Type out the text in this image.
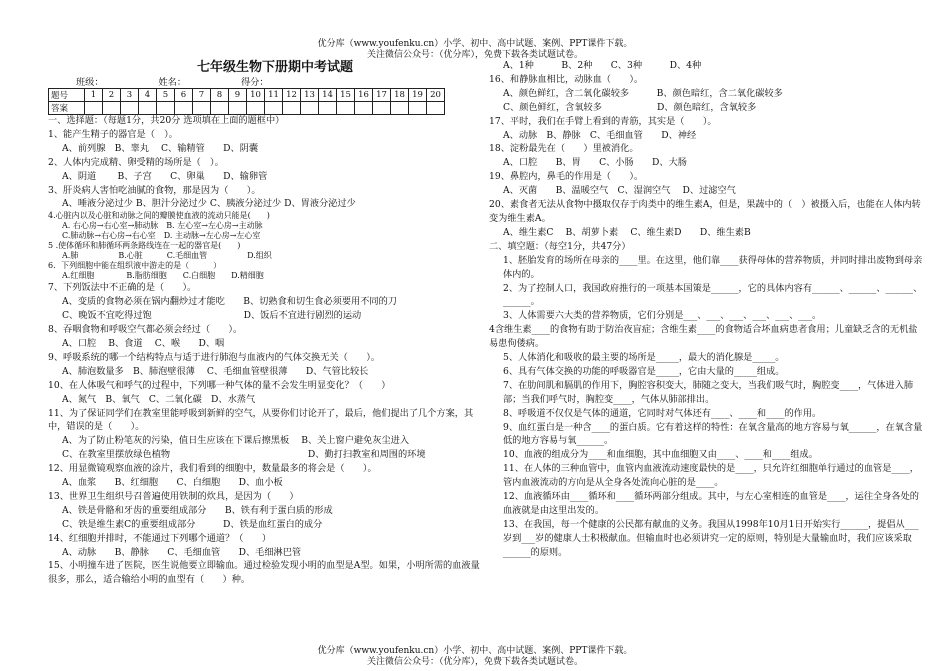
优分库（www.youfenku.cn）小学、初中、高中试题、案例、PPT课件下载。
关注微信公众号：（优分库），免费下载各类试题试卷。
七年级生物下册期中考试题
班级：	姓名：	得分：
题号	1	2	3	4	5	6	7	8	9	10	11	12	13	14	15	16	17	18	19	20
答案																				
一、选择题：（每题1分，共20分 选项填在上面的题框中）
1、能产生精子的器官是（　）。
A、前列腺　B、睾丸　 C、输精管　　D、阴囊
2、人体内完成精、卵受精的场所是（　）。
A、阴道　　 B、子宫　　C、卵巢　　D、输卵管
3、肝炎病人害怕吃油腻的食物，那是因为（　　）。
A、唾液分泌过少 B、胆汁分泌过少 C、胰液分泌过少 D、胃液分泌过少
4.心脏内以及心脏和动脉之间的瓣膜使血液的流动只能是(　　)
A. 右心房→右心室→肺动脉　B. 左心室→左心房→主动脉
C.肺动脉→右心房→右心室　D. 主动脉→左心房→左心室
5 .使体循环和肺循环两条路线连在一起的器官是(　　)
A.肺　　　　　B.心脏　　　C.毛细血管　　　　　D.组织
6．下列细胞中能在组织液中游走的是（　　　）
A.红细胞　　　　B.脂肪细胞　　C.白细胞　　D.精细胞
7、下列饭法中不正确的是（　　）。
A、变质的食物必须在锅内翻炒过才能吃　　B、切熟食和切生食必须要用不同的刀
C、晚饭不宜吃得过饱　　　　　　　　　　D、饭后不宜进行剧烈的运动
8、吞咽食物和呼吸空气都必须会经过（　　）。
A、口腔　 B、食道　 C、喉　　D、咽
9、呼吸系统的哪一个结构特点与适于进行肺泡与血液内的气体交换无关（　　）。
A、肺泡数量多　B、肺泡壁很薄　 C、毛细血管壁很薄　　D、气管比较长
10、在人体吸气和呼气的过程中，下列哪一种气体的量不会发生明显变化？（　　）
A、氮气　B、氧气　C、二氧化碳　D、水蒸气
11、为了保证同学们在教室里能呼吸到新鲜的空气，从要你们讨论开了，最后，他们提出了几个方案，其中，错误的是（　　）。
A、为了防止粉笔灰的污染，值日生应该在下课后擦黑板　 B、关上窗户避免灰尘进入
C、在教室里摆放绿色植物　　　　　　　　　　　　　　　D、勤打扫教室和周围的环境
12、用显微镜观察血液的涂片，我们看到的细胞中，数量最多的将会是（　　）。
A、血浆　　B、红细胞　　C、白细胞　　D、血小板
13、世界卫生组织号召普遍使用铁制的炊具，是因为（　　）
A、铁是骨骼和牙齿的重要组成部分　　B、铁有利于蛋白质的形成
C、铁是维生素C的重要组成部分　　　D、铁是血红蛋白的成分
14、红细胞并排时，不能通过下列哪个通道？（　　）
A、动脉　　B、静脉　　C、毛细血管　　D、毛细淋巴管
15、小明撞车进了医院，医生说他要立即输血。通过检验发现小明的血型是A型。如果，小明所需的血液量很多，那么，适合输给小明的血型有（　　）种。
A、1种　　　B、2种　　C、3种　　　D、4种
16、和静脉血相比，动脉血（　　）。
A、颜色鲜红，含二氧化碳较多　　　B、颜色暗红，含二氧化碳较多
C、颜色鲜红，含氧较多　　　　　　D、颜色暗红，含氧较多
17、平时，我们在手臂上看到的青筋，其实是（　　）。
A、动脉　B、静脉　C、毛细血管　　D、神经
18、淀粉最先在（　　）里被消化。
A、口腔　　B、胃　　C、小肠　　D、大肠
19、鼻腔内，鼻毛的作用是（　　）。
A、灭菌　　B、温暖空气　C、湿润空气　 D、过滤空气
20、素食者无法从食物中摄取仅存于肉类中的维生素A，但是，果蔬中的（　）被摄入后，也能在人体内转变为维生素A。
A、维生素C　 B、胡萝卜素　 C、维生素D　　D、维生素B
二、填空题：（每空1分，共47分）
1、胚胎发育的场所在母亲的____里。在这里，他们靠____获得母体的营养物质，并同时排出废物到母亲体内的。
2、为了控制人口，我国政府推行的一项基本国策是______，它的具体内容有______、______、______、______。
3、人体需要六大类的营养物质，它们分别是___、___、___、___、___、___。
4含维生素____的食物有助于防治夜盲症；含维生素____的食物适合坏血病患者食用；儿童缺乏含的无机盐易患佝偻病。
5、人体消化和吸收的最主要的场所是_____，最大的消化腺是_____。
6、具有气体交换的功能的呼吸器官是_____，它由大量的_____组成。
7、在肋间肌和膈肌的作用下，胸腔容积变大，肺随之变大，当我们吸气时，胸腔变____，气体进入肺部；当我们呼气时，胸腔变____，气体从肺部排出。
8、呼吸道不仅仅是气体的通道，它同时对气体还有____、____和____的作用。
9、血红蛋白是一种含____的蛋白质。它有着这样的特性：在氧含量高的地方容易与氧______，在氧含量低的地方容易与氧______。
10、血液的组成分为____和血细胞，其中血细胞又由____、____和____组成。
11、在人体的三种血管中，血管内血液流动速度最快的是____，只允许红细胞单行通过的血管是____，管内血液流动的方向是从全身各处流向心脏的是____。
12、血液循环由____循环和____循环两部分组成。其中，与左心室相连的血管是____，运往全身各处的血液就是由这里出发的。
13、在我国，每一个健康的公民都有献血的义务。我国从1998年10月1日开始实行______，提倡从___岁到___岁的健康人士积极献血。但输血时也必须讲究一定的原则，特别是大量输血时，我们应该采取______的原则。
优分库（www.youfenku.cn）小学、初中、高中试题、案例、PPT课件下载。
关注微信公众号：（优分库），免费下载各类试题试卷。
